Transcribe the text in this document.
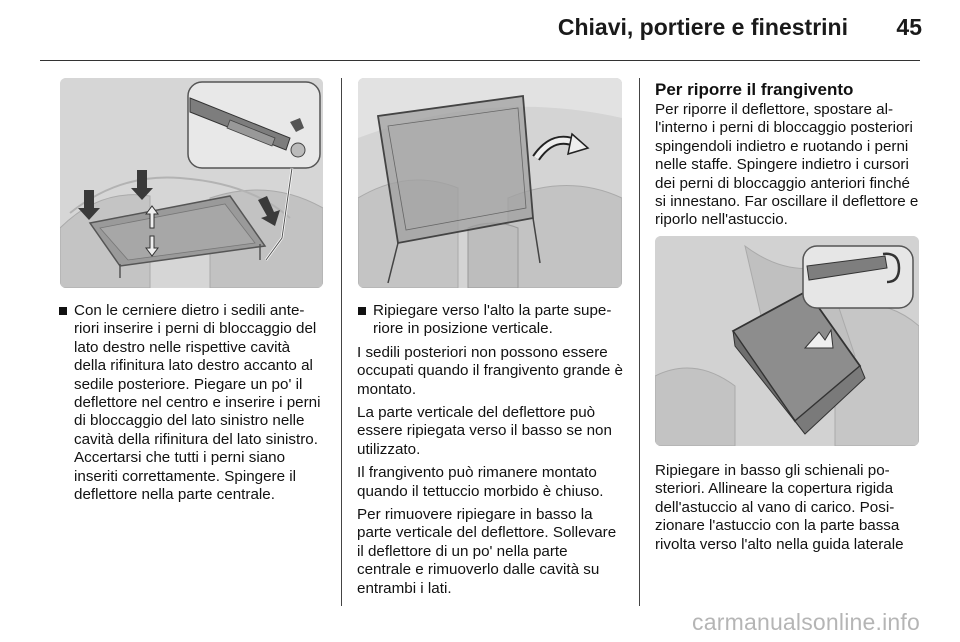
Chiavi, portiere e finestrini 45

Con le cerniere dietro i sedili anteriori inserire i perni di bloccaggio del lato destro nelle rispettive cavità della rifinitura lato destro accanto al sedile posteriore. Piegare un po' il deflettore nel centro e inserire i perni di bloccaggio del lato sinistro nelle cavità della rifinitura del lato sinistro. Accertarsi che tutti i perni siano inseriti correttamente. Spingere il deflettore nella parte centrale.

Ripiegare verso l'alto la parte superiore in posizione verticale.

I sedili posteriori non possono essere occupati quando il frangivento grande è montato.

La parte verticale del deflettore può essere ripiegata verso il basso se non utilizzato.

Il frangivento può rimanere montato quando il tettuccio morbido è chiuso.

Per rimuovere ripiegare in basso la parte verticale del deflettore. Sollevare il deflettore di un po' nella parte centrale e rimuoverlo dalle cavità su entrambi i lati.

Per riporre il frangivento

Per riporre il deflettore, spostare all'interno i perni di bloccaggio posteriori spingendoli indietro e ruotando i perni nelle staffe. Spingere indietro i cursori dei perni di bloccaggio anteriori finché si innestano. Far oscillare il deflettore e riporlo nell'astuccio.

Ripiegare in basso gli schienali posteriori. Allineare la copertura rigida dell'astuccio al vano di carico. Posizionare l'astuccio con la parte bassa rivolta verso l'alto nella guida laterale

carmanualsonline.info
